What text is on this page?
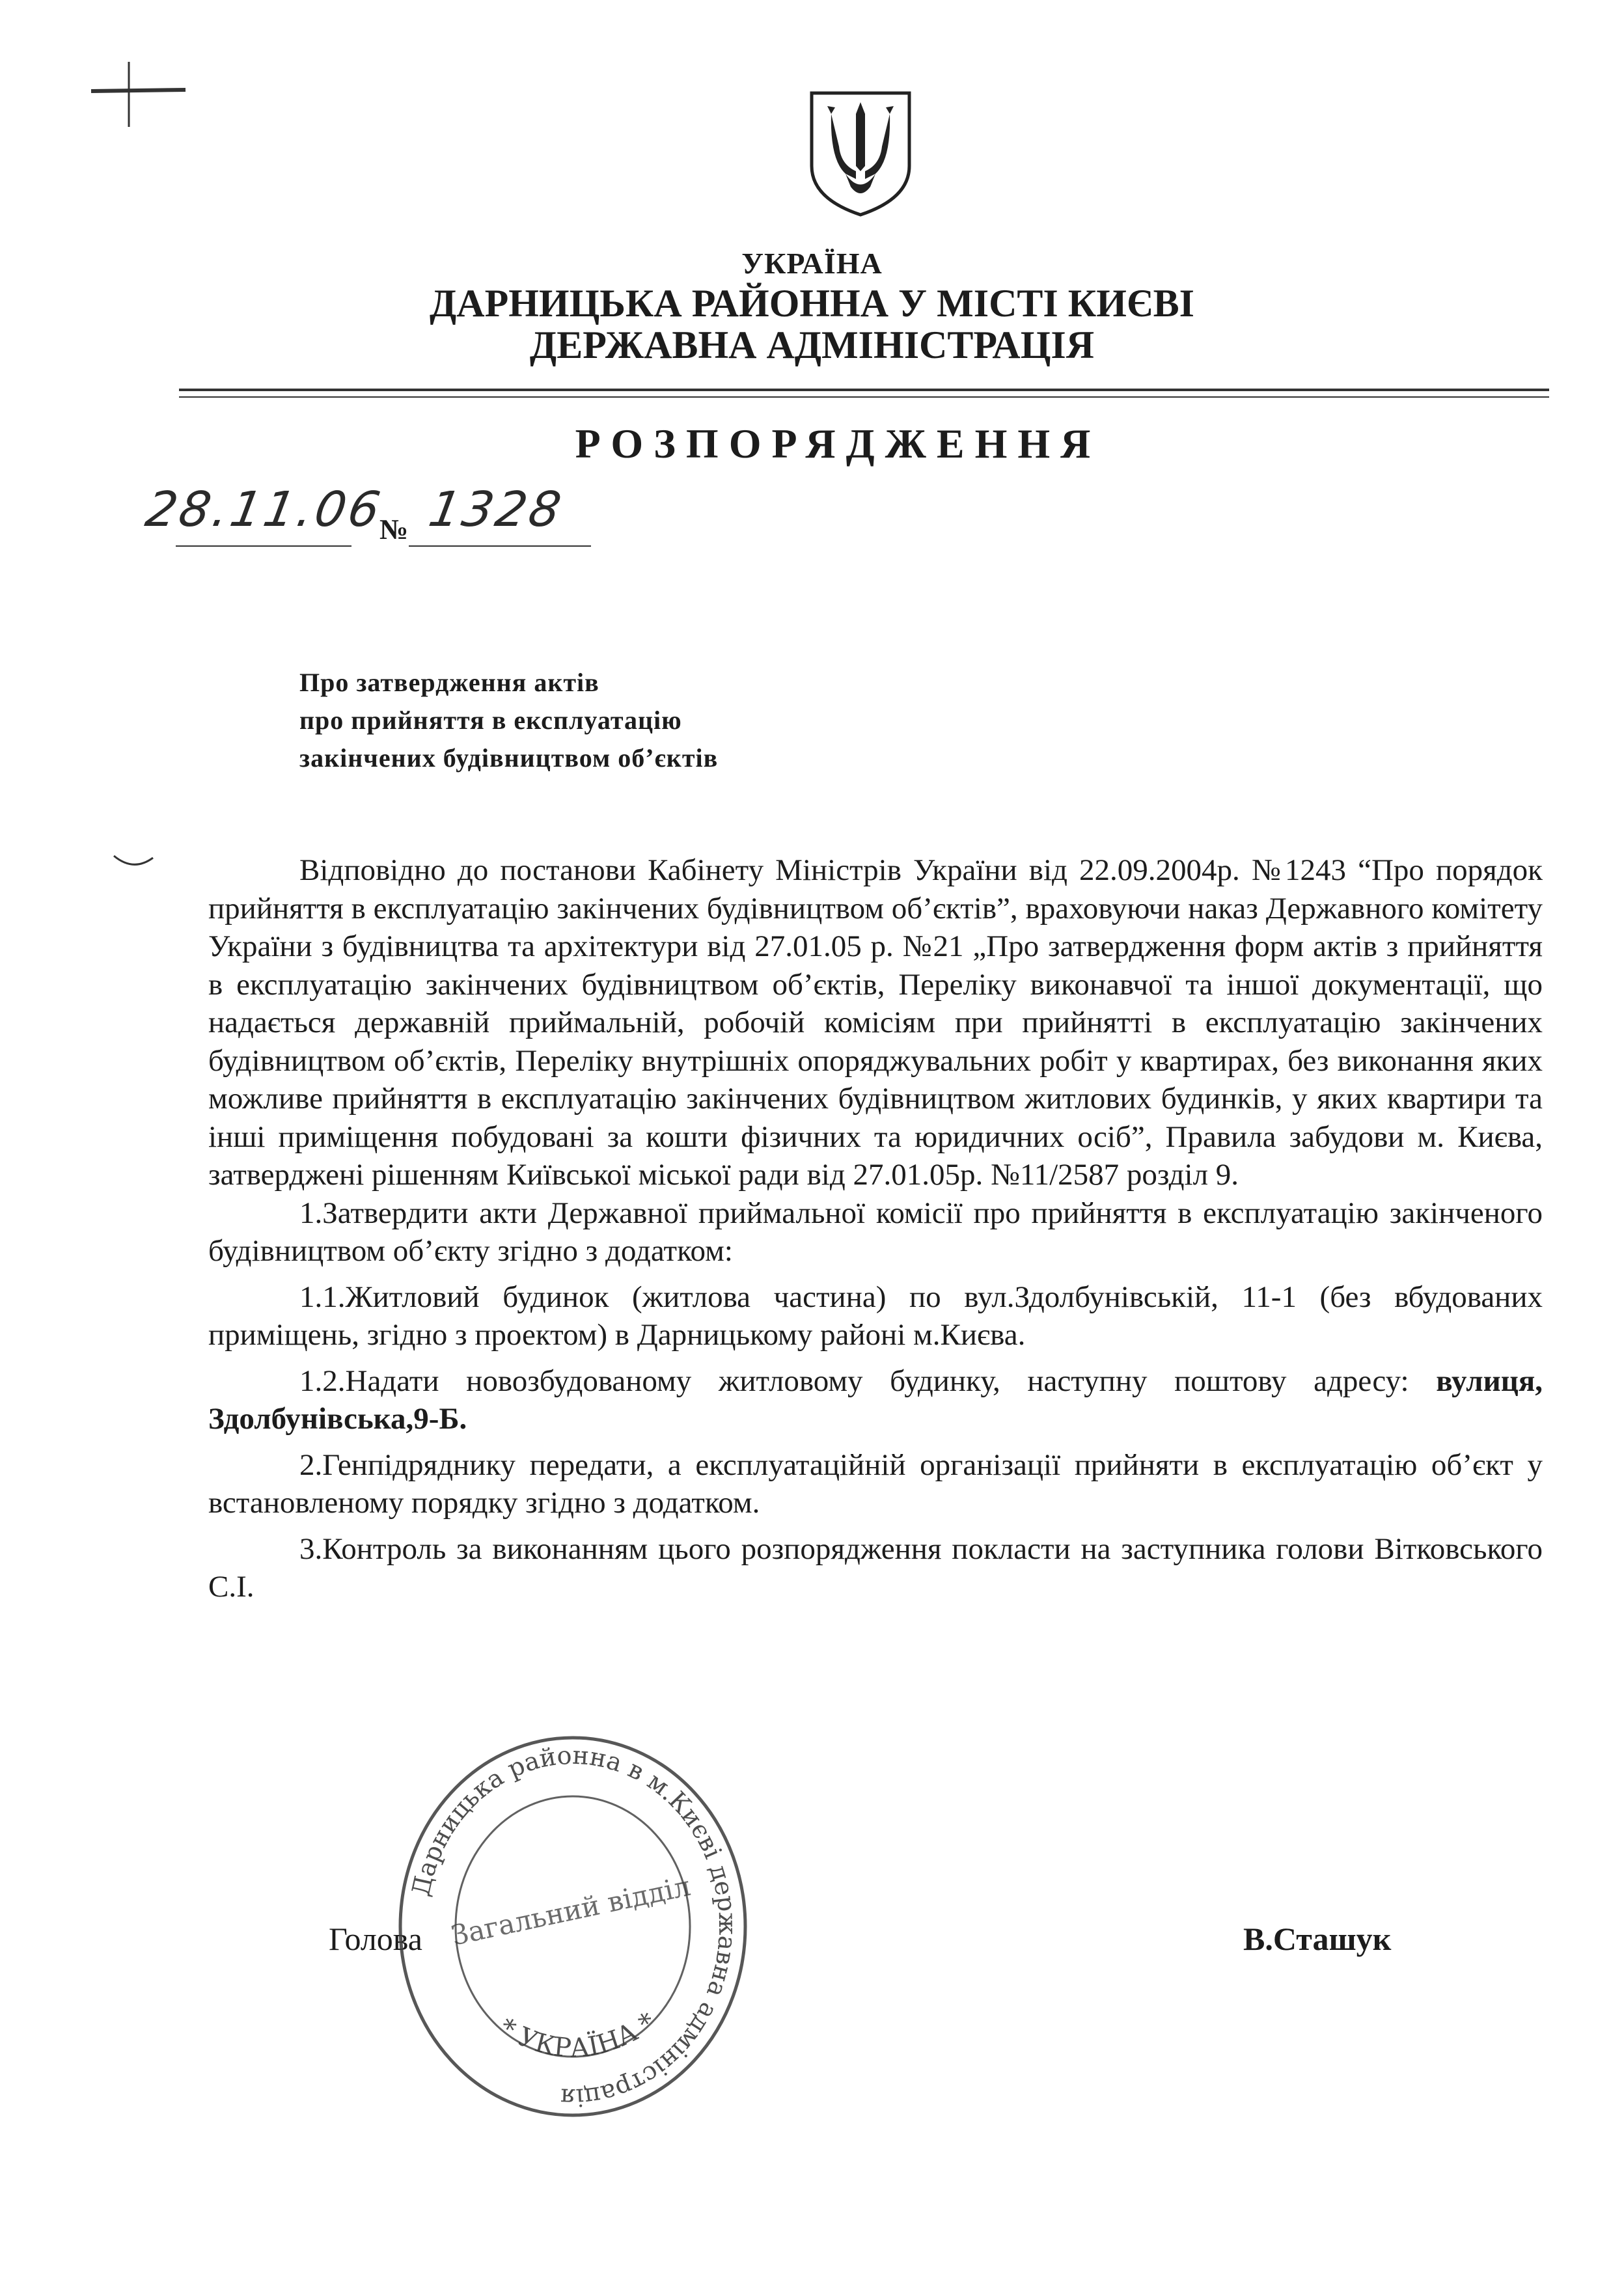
УКРАЇНА
ДАРНИЦЬКА РАЙОННА У МІСТІ КИЄВІ
ДЕРЖАВНА АДМІНІСТРАЦІЯ
РОЗПОРЯДЖЕННЯ
28.11.06
№ 1328
Про затвердження актів
про прийняття в експлуатацію
закінчених будівництвом об’єктів

Відповідно до постанови Кабінету Міністрів України від 22.09.2004р. №1243 “Про порядок прийняття в експлуатацію закінчених будівництвом об’єктів”, враховуючи наказ Державного комітету України з будівництва та архітектури від 27.01.05 р. №21 „Про затвердження форм актів з прийняття в експлуатацію закінчених будівництвом об’єктів, Переліку виконавчої та іншої документації, що надається державній приймальній, робочій комісіям при прийнятті в експлуатацію закінчених будівництвом об’єктів, Переліку внутрішніх опоряджувальних робіт у квартирах, без виконання яких можливе прийняття в експлуатацію закінчених будівництвом житлових будинків, у яких квартири та інші приміщення побудовані за кошти фізичних та юридичних осіб”, Правила забудови м. Києва, затверджені рішенням Київської міської ради від 27.01.05р. №11/2587 розділ 9.

1.Затвердити акти Державної приймальної комісії про прийняття в експлуатацію закінченого будівництвом об’єкту згідно з додатком:

1.1.Житловий будинок (житлова частина) по вул.Здолбунівській, 11-1 (без вбудованих приміщень, згідно з проектом) в Дарницькому районі м.Києва.

1.2.Надати новозбудованому житловому будинку, наступну поштову адресу: вулиця, Здолбунівська,9-Б.

2.Генпідряднику передати, а експлуатаційній організації прийняти в експлуатацію об’єкт у встановленому порядку згідно з додатком.

3.Контроль за виконанням цього розпорядження покласти на заступника голови Вітковського С.І.

Голова	В.Сташук
Дарницька районна в м.Києві державна адміністрація
* УКРАЇНА *
Загальний відділ
